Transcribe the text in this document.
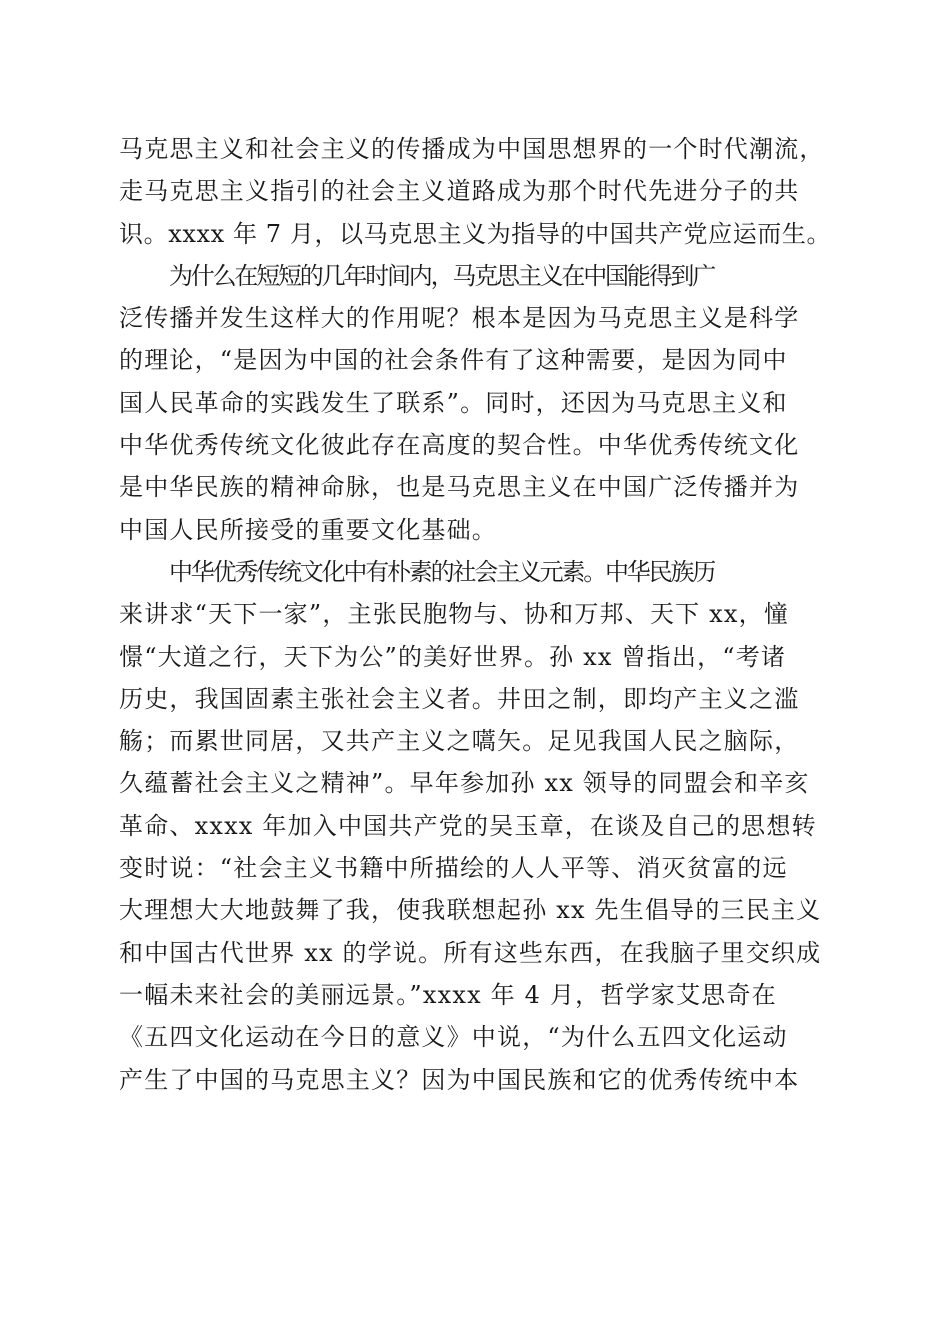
马克思主义和社会主义的传播成为中国思想界的一个时代潮流，
走马克思主义指引的社会主义道路成为那个时代先进分子的共
识。xxxx 年 7 月，以马克思主义为指导的中国共产党应运而生。
为什么在短短的几年时间内，马克思主义在中国能得到广
泛传播并发生这样大的作用呢？根本是因为马克思主义是科学
的理论，“是因为中国的社会条件有了这种需要，是因为同中
国人民革命的实践发生了联系”。同时，还因为马克思主义和
中华优秀传统文化彼此存在高度的契合性。中华优秀传统文化
是中华民族的精神命脉，也是马克思主义在中国广泛传播并为
中国人民所接受的重要文化基础。
中华优秀传统文化中有朴素的社会主义元素。中华民族历
来讲求“天下一家”，主张民胞物与、协和万邦、天下 xx，憧
憬“大道之行，天下为公”的美好世界。孙 xx 曾指出，“考诸
历史，我国固素主张社会主义者。井田之制，即均产主义之滥
觞；而累世同居，又共产主义之嚆矢。足见我国人民之脑际，
久蕴蓄社会主义之精神”。早年参加孙 xx 领导的同盟会和辛亥
革命、xxxx 年加入中国共产党的吴玉章，在谈及自己的思想转
变时说：“社会主义书籍中所描绘的人人平等、消灭贫富的远
大理想大大地鼓舞了我，使我联想起孙 xx 先生倡导的三民主义
和中国古代世界 xx 的学说。所有这些东西，在我脑子里交织成
一幅未来社会的美丽远景。”xxxx 年 4 月，哲学家艾思奇在
《五四文化运动在今日的意义》中说，“为什么五四文化运动
产生了中国的马克思主义？因为中国民族和它的优秀传统中本
